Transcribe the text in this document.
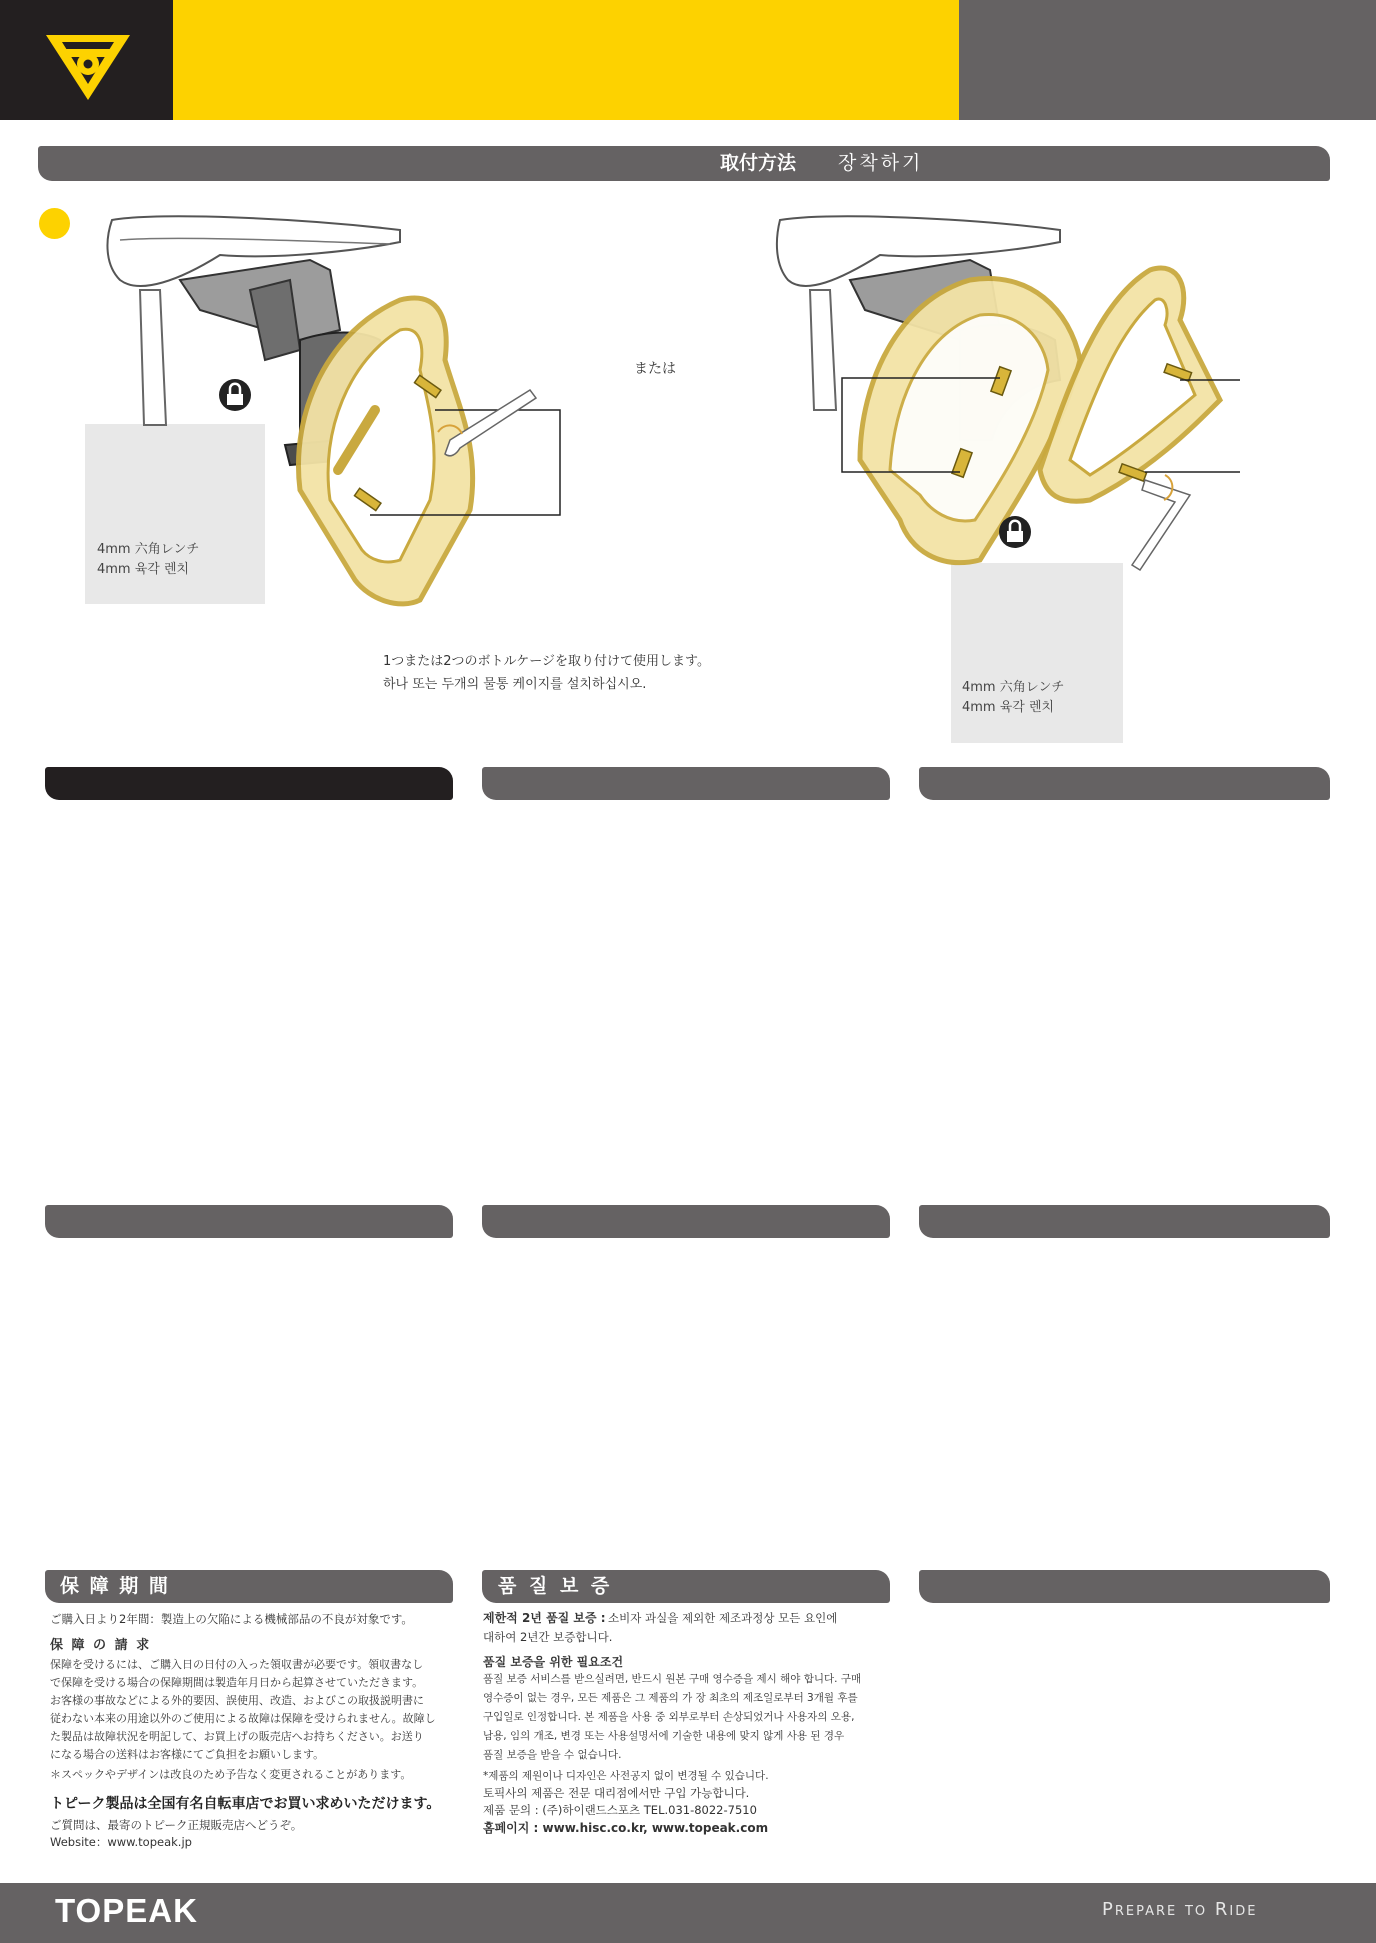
取付方法 장착하기
4mm 六角レンチ
4mm 육각 렌치
または
4mm 六角レンチ
4mm 육각 렌치
1つまたは2つのボトルケージを取り付けて使用します。
하나 또는 두개의 물통 케이지를 설치하십시오.
保 障 期 間	품 질 보 증
ご購入日より2年間：製造上の欠陥による機械部品の不良が対象です。
保 障 の 請 求
保障を受けるには、ご購入日の日付の入った領収書が必要です。領収書なし
で保障を受ける場合の保障期間は製造年月日から起算させていただきます。
お客様の事故などによる外的要因、誤使用、改造、およびこの取扱説明書に
従わない本来の用途以外のご使用による故障は保障を受けられません。故障し
た製品は故障状況を明記して、お買上げの販売店へお持ちください。お送り
になる場合の送料はお客様にてご負担をお願いします。
＊スペックやデザインは改良のため予告なく変更されることがあります。
トピーク製品は全国有名自転車店でお買い求めいただけます。
ご質問は、最寄のトピーク正規販売店へどうぞ。
Website：www.topeak.jp
제한적 2년 품질 보증 : 소비자 과실을 제외한 제조과정상 모든 요인에
대하여 2년간 보증합니다.
품질 보증을 위한 필요조건
품질 보증 서비스를 받으실려면, 반드시 원본 구매 영수증을 제시 해야 합니다. 구매
영수증이 없는 경우, 모든 제품은 그 제품의 가 장 최초의 제조일로부터 3개월 후를
구입일로 인정합니다. 본 제품을 사용 중 외부로부터 손상되었거나 사용자의 오용,
남용, 임의 개조, 변경 또는 사용설명서에 기술한 내용에 맞지 않게 사용 된 경우
품질 보증을 받을 수 없습니다.
*제품의 제원이나 디자인은 사전공지 없이 변경될 수 있습니다.
토픽사의 제품은 전문 대리점에서만 구입 가능합니다.
제품 문의 : (주)하이랜드스포츠 TEL.031-8022-7510
홈페이지 : www.hisc.co.kr, www.topeak.com
TOPEAK	Prepare to Ride
